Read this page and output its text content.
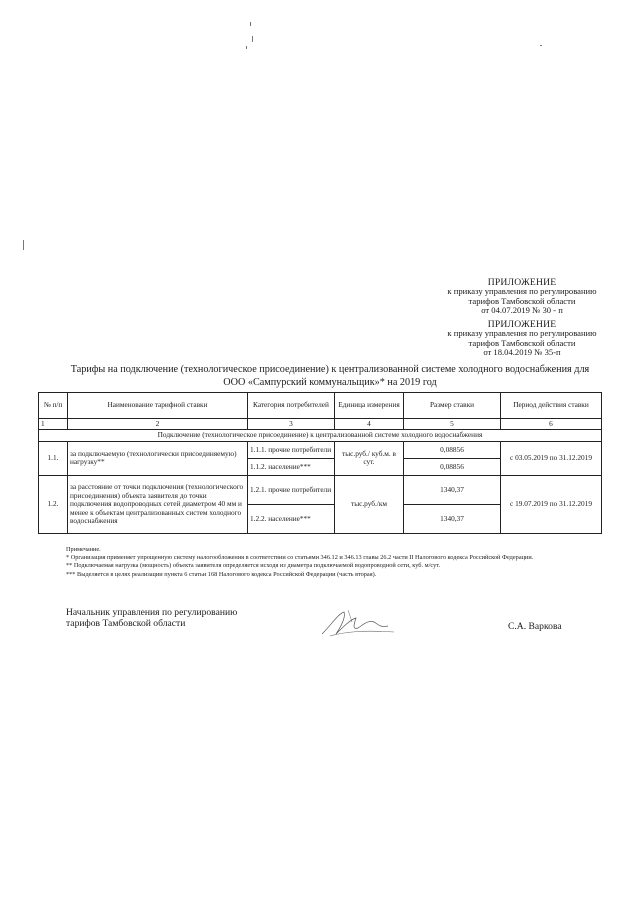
ПРИЛОЖЕНИЕ
к приказу управления по регулированию
тарифов Тамбовской области
от 04.07.2019 № 30 - п
ПРИЛОЖЕНИЕ
к приказу управления по регулированию
тарифов Тамбовской области
от 18.04.2019 № 35-п
Тарифы на подключение (технологическое присоединение) к централизованной системе холодного водоснабжения для
ООО «Сампурский коммунальщик»* на 2019 год
№ п/п	Наименование тарифной ставки	Категория потребителей	Единица измерения	Размер ставки	Период действия ставки
1	2	3	4	5	6
Подключение (технологическое присоединение) к централизованной системе холодного водоснабжения					
1.1.	за подключаемую (технологически присоединяемую) нагрузку**	1.1.1. прочие потребители	тыс.руб./ куб.м. в сут.	0,08856	с 03.05.2019 по 31.12.2019
		1.1.2. население***		0,08856	
1.2.	за расстояние от точки подключения (технологического присоединения) объекта заявителя до точки подключения водопроводных сетей диаметром 40 мм и менее к объектам централизованных систем холодного водоснабжения	1.2.1. прочие потребители	тыс.руб./км	1340,37	с 19.07.2019 по 31.12.2019
		1.2.2. население***		1340,37	
Примечание.
* Организация применяет упрощенную систему налогообложения в соответствии со статьями 346.12 и 346.13 главы 26.2 части II Налогового кодекса Российской Федерации.
** Подключаемая нагрузка (мощность) объекта заявителя определяется исходя из диаметра подключаемой водопроводной сети, куб. м/сут.
*** Выделяется в целях реализации пункта 6 статьи 168 Налогового кодекса Российской Федерации (часть вторая).
Начальник управления по регулированию
тарифов Тамбовской области	С.А. Варкова
